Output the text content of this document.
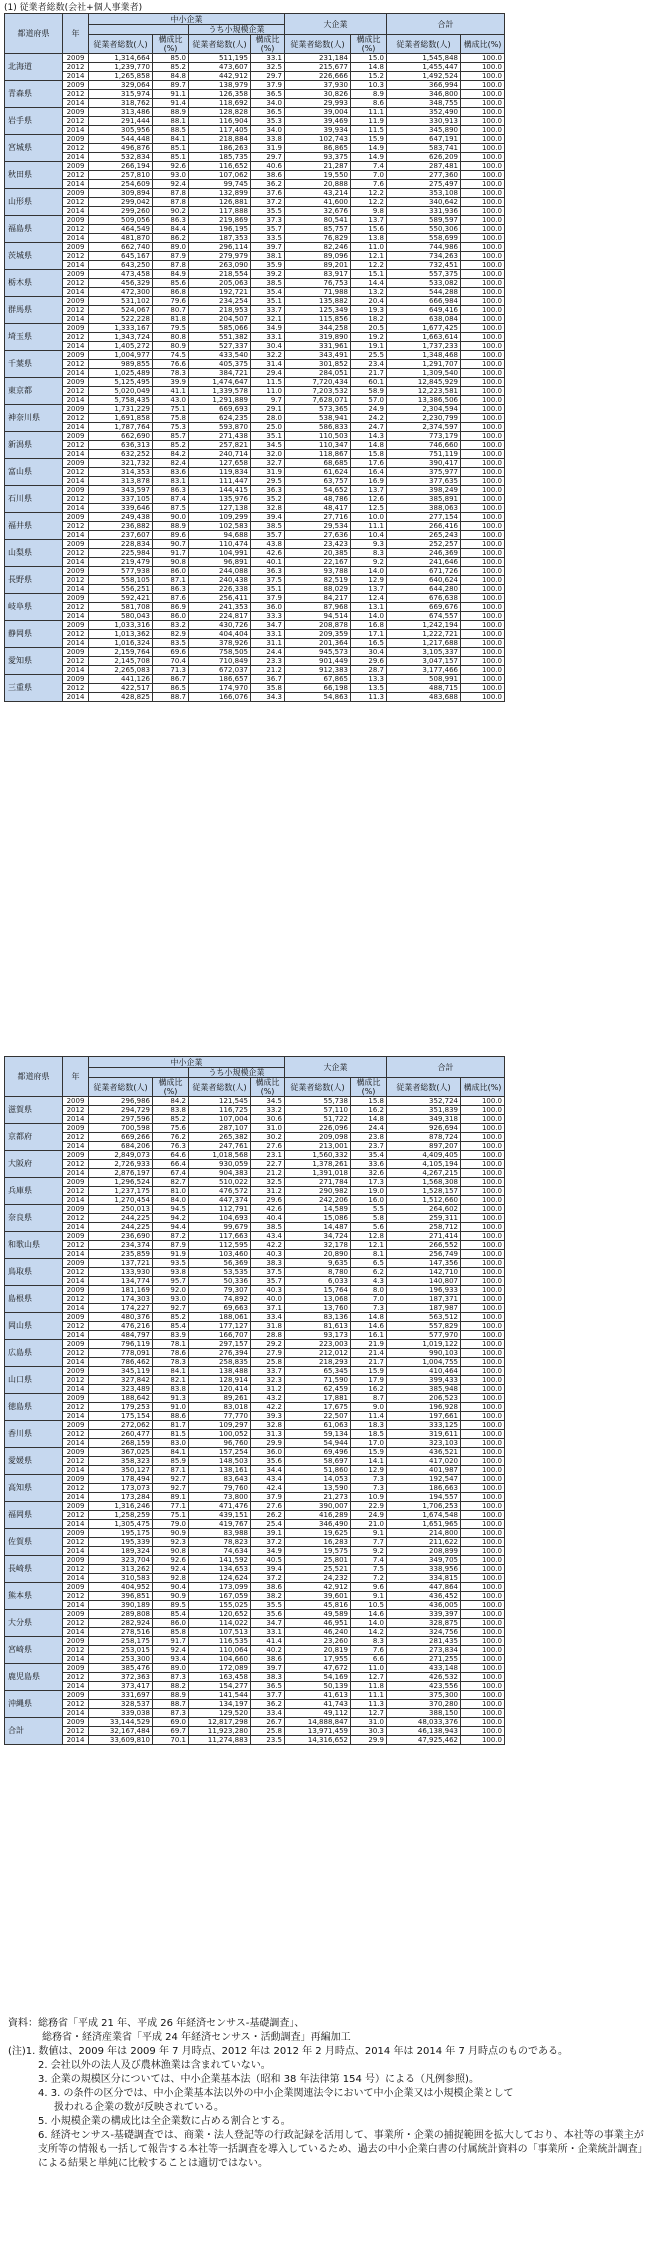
(1) 従業者総数(会社+個人事業者)
都道府県	年	中小企業				大企業		合計	
				うち小規模企業					
		従業者総数(人)	構成比(%)	従業者総数(人)	構成比(%)	従業者総数(人)	構成比(%)	従業者総数(人)	構成比(%)
北海道	2009	1,314,664	85.0	511,195	33.1	231,184	15.0	1,545,848	100.0
	2012	1,239,770	85.2	473,607	32.5	215,677	14.8	1,455,447	100.0
	2014	1,265,858	84.8	442,912	29.7	226,666	15.2	1,492,524	100.0
青森県	2009	329,064	89.7	138,979	37.9	37,930	10.3	366,994	100.0
	2012	315,974	91.1	126,358	36.5	30,826	8.9	346,800	100.0
	2014	318,762	91.4	118,692	34.0	29,993	8.6	348,755	100.0
岩手県	2009	313,486	88.9	128,828	36.5	39,004	11.1	352,490	100.0
	2012	291,444	88.1	116,904	35.3	39,469	11.9	330,913	100.0
	2014	305,956	88.5	117,405	34.0	39,934	11.5	345,890	100.0
宮城県	2009	544,448	84.1	218,884	33.8	102,743	15.9	647,191	100.0
	2012	496,876	85.1	186,263	31.9	86,865	14.9	583,741	100.0
	2014	532,834	85.1	185,735	29.7	93,375	14.9	626,209	100.0
秋田県	2009	266,194	92.6	116,652	40.6	21,287	7.4	287,481	100.0
	2012	257,810	93.0	107,062	38.6	19,550	7.0	277,360	100.0
	2014	254,609	92.4	99,745	36.2	20,888	7.6	275,497	100.0
山形県	2009	309,894	87.8	132,899	37.6	43,214	12.2	353,108	100.0
	2012	299,042	87.8	126,881	37.2	41,600	12.2	340,642	100.0
	2014	299,260	90.2	117,888	35.5	32,676	9.8	331,936	100.0
福島県	2009	509,056	86.3	219,869	37.3	80,541	13.7	589,597	100.0
	2012	464,549	84.4	196,195	35.7	85,757	15.6	550,306	100.0
	2014	481,870	86.2	187,353	33.5	76,829	13.8	558,699	100.0
茨城県	2009	662,740	89.0	296,114	39.7	82,246	11.0	744,986	100.0
	2012	645,167	87.9	279,979	38.1	89,096	12.1	734,263	100.0
	2014	643,250	87.8	263,090	35.9	89,201	12.2	732,451	100.0
栃木県	2009	473,458	84.9	218,554	39.2	83,917	15.1	557,375	100.0
	2012	456,329	85.6	205,063	38.5	76,753	14.4	533,082	100.0
	2014	472,300	86.8	192,721	35.4	71,988	13.2	544,288	100.0
群馬県	2009	531,102	79.6	234,254	35.1	135,882	20.4	666,984	100.0
	2012	524,067	80.7	218,953	33.7	125,349	19.3	649,416	100.0
	2014	522,228	81.8	204,507	32.1	115,856	18.2	638,084	100.0
埼玉県	2009	1,333,167	79.5	585,066	34.9	344,258	20.5	1,677,425	100.0
	2012	1,343,724	80.8	551,382	33.1	319,890	19.2	1,663,614	100.0
	2014	1,405,272	80.9	527,337	30.4	331,961	19.1	1,737,233	100.0
千葉県	2009	1,004,977	74.5	433,540	32.2	343,491	25.5	1,348,468	100.0
	2012	989,855	76.6	405,375	31.4	301,852	23.4	1,291,707	100.0
	2014	1,025,489	78.3	384,721	29.4	284,051	21.7	1,309,540	100.0
東京都	2009	5,125,495	39.9	1,474,647	11.5	7,720,434	60.1	12,845,929	100.0
	2012	5,020,049	41.1	1,339,578	11.0	7,203,532	58.9	12,223,581	100.0
	2014	5,758,435	43.0	1,291,889	9.7	7,628,071	57.0	13,386,506	100.0
神奈川県	2009	1,731,229	75.1	669,693	29.1	573,365	24.9	2,304,594	100.0
	2012	1,691,858	75.8	624,235	28.0	538,941	24.2	2,230,799	100.0
	2014	1,787,764	75.3	593,870	25.0	586,833	24.7	2,374,597	100.0
新潟県	2009	662,690	85.7	271,438	35.1	110,503	14.3	773,179	100.0
	2012	636,313	85.2	257,821	34.5	110,347	14.8	746,660	100.0
	2014	632,252	84.2	240,714	32.0	118,867	15.8	751,119	100.0
富山県	2009	321,732	82.4	127,658	32.7	68,685	17.6	390,417	100.0
	2012	314,353	83.6	119,834	31.9	61,624	16.4	375,977	100.0
	2014	313,878	83.1	111,447	29.5	63,757	16.9	377,635	100.0
石川県	2009	343,597	86.3	144,415	36.3	54,652	13.7	398,249	100.0
	2012	337,105	87.4	135,976	35.2	48,786	12.6	385,891	100.0
	2014	339,646	87.5	127,138	32.8	48,417	12.5	388,063	100.0
福井県	2009	249,438	90.0	109,299	39.4	27,716	10.0	277,154	100.0
	2012	236,882	88.9	102,583	38.5	29,534	11.1	266,416	100.0
	2014	237,607	89.6	94,688	35.7	27,636	10.4	265,243	100.0
山梨県	2009	228,834	90.7	110,474	43.8	23,423	9.3	252,257	100.0
	2012	225,984	91.7	104,991	42.6	20,385	8.3	246,369	100.0
	2014	219,479	90.8	96,891	40.1	22,167	9.2	241,646	100.0
長野県	2009	577,938	86.0	244,088	36.3	93,788	14.0	671,726	100.0
	2012	558,105	87.1	240,438	37.5	82,519	12.9	640,624	100.0
	2014	556,251	86.3	226,338	35.1	88,029	13.7	644,280	100.0
岐阜県	2009	592,421	87.6	256,411	37.9	84,217	12.4	676,638	100.0
	2012	581,708	86.9	241,353	36.0	87,968	13.1	669,676	100.0
	2014	580,043	86.0	224,817	33.3	94,514	14.0	674,557	100.0
静岡県	2009	1,033,316	83.2	430,726	34.7	208,878	16.8	1,242,194	100.0
	2012	1,013,362	82.9	404,404	33.1	209,359	17.1	1,222,721	100.0
	2014	1,016,324	83.5	378,926	31.1	201,364	16.5	1,217,688	100.0
愛知県	2009	2,159,764	69.6	758,505	24.4	945,573	30.4	3,105,337	100.0
	2012	2,145,708	70.4	710,849	23.3	901,449	29.6	3,047,157	100.0
	2014	2,265,083	71.3	672,037	21.2	912,383	28.7	3,177,466	100.0
三重県	2009	441,126	86.7	186,657	36.7	67,865	13.3	508,991	100.0
	2012	422,517	86.5	174,970	35.8	66,198	13.5	488,715	100.0
	2014	428,825	88.7	166,076	34.3	54,863	11.3	483,688	100.0
都道府県	年	中小企業				大企業		合計	
				うち小規模企業					
		従業者総数(人)	構成比(%)	従業者総数(人)	構成比(%)	従業者総数(人)	構成比(%)	従業者総数(人)	構成比(%)
滋賀県	2009	296,986	84.2	121,545	34.5	55,738	15.8	352,724	100.0
	2012	294,729	83.8	116,725	33.2	57,110	16.2	351,839	100.0
	2014	297,596	85.2	107,004	30.6	51,722	14.8	349,318	100.0
京都府	2009	700,598	75.6	287,107	31.0	226,096	24.4	926,694	100.0
	2012	669,266	76.2	265,382	30.2	209,098	23.8	878,724	100.0
	2014	684,206	76.3	247,761	27.6	213,001	23.7	897,207	100.0
大阪府	2009	2,849,073	64.6	1,018,568	23.1	1,560,332	35.4	4,409,405	100.0
	2012	2,726,933	66.4	930,059	22.7	1,378,261	33.6	4,105,194	100.0
	2014	2,876,197	67.4	904,383	21.2	1,391,018	32.6	4,267,215	100.0
兵庫県	2009	1,296,524	82.7	510,022	32.5	271,784	17.3	1,568,308	100.0
	2012	1,237,175	81.0	476,572	31.2	290,982	19.0	1,528,157	100.0
	2014	1,270,454	84.0	447,374	29.6	242,206	16.0	1,512,660	100.0
奈良県	2009	250,013	94.5	112,791	42.6	14,589	5.5	264,602	100.0
	2012	244,225	94.2	104,693	40.4	15,086	5.8	259,311	100.0
	2014	244,225	94.4	99,679	38.5	14,487	5.6	258,712	100.0
和歌山県	2009	236,690	87.2	117,663	43.4	34,724	12.8	271,414	100.0
	2012	234,374	87.9	112,595	42.2	32,178	12.1	266,552	100.0
	2014	235,859	91.9	103,460	40.3	20,890	8.1	256,749	100.0
鳥取県	2009	137,721	93.5	56,369	38.3	9,635	6.5	147,356	100.0
	2012	133,930	93.8	53,535	37.5	8,780	6.2	142,710	100.0
	2014	134,774	95.7	50,336	35.7	6,033	4.3	140,807	100.0
島根県	2009	181,169	92.0	79,307	40.3	15,764	8.0	196,933	100.0
	2012	174,303	93.0	74,892	40.0	13,068	7.0	187,371	100.0
	2014	174,227	92.7	69,663	37.1	13,760	7.3	187,987	100.0
岡山県	2009	480,376	85.2	188,061	33.4	83,136	14.8	563,512	100.0
	2012	476,216	85.4	177,127	31.8	81,613	14.6	557,829	100.0
	2014	484,797	83.9	166,707	28.8	93,173	16.1	577,970	100.0
広島県	2009	796,119	78.1	297,157	29.2	223,003	21.9	1,019,122	100.0
	2012	778,091	78.6	276,394	27.9	212,012	21.4	990,103	100.0
	2014	786,462	78.3	258,835	25.8	218,293	21.7	1,004,755	100.0
山口県	2009	345,119	84.1	138,488	33.7	65,345	15.9	410,464	100.0
	2012	327,842	82.1	128,914	32.3	71,590	17.9	399,433	100.0
	2014	323,489	83.8	120,414	31.2	62,459	16.2	385,948	100.0
徳島県	2009	188,642	91.3	89,261	43.2	17,881	8.7	206,523	100.0
	2012	179,253	91.0	83,018	42.2	17,675	9.0	196,928	100.0
	2014	175,154	88.6	77,770	39.3	22,507	11.4	197,661	100.0
香川県	2009	272,062	81.7	109,297	32.8	61,063	18.3	333,125	100.0
	2012	260,477	81.5	100,052	31.3	59,134	18.5	319,611	100.0
	2014	268,159	83.0	96,760	29.9	54,944	17.0	323,103	100.0
愛媛県	2009	367,025	84.1	157,254	36.0	69,496	15.9	436,521	100.0
	2012	358,323	85.9	148,503	35.6	58,697	14.1	417,020	100.0
	2014	350,127	87.1	138,161	34.4	51,860	12.9	401,987	100.0
高知県	2009	178,494	92.7	83,643	43.4	14,053	7.3	192,547	100.0
	2012	173,073	92.7	79,760	42.4	13,590	7.3	186,663	100.0
	2014	173,284	89.1	73,800	37.9	21,273	10.9	194,557	100.0
福岡県	2009	1,316,246	77.1	471,476	27.6	390,007	22.9	1,706,253	100.0
	2012	1,258,259	75.1	439,151	26.2	416,289	24.9	1,674,548	100.0
	2014	1,305,475	79.0	419,767	25.4	346,490	21.0	1,651,965	100.0
佐賀県	2009	195,175	90.9	83,988	39.1	19,625	9.1	214,800	100.0
	2012	195,339	92.3	78,823	37.2	16,283	7.7	211,622	100.0
	2014	189,324	90.8	74,634	34.9	19,575	9.2	208,899	100.0
長崎県	2009	323,704	92.6	141,592	40.5	25,801	7.4	349,705	100.0
	2012	313,262	92.4	134,653	39.4	25,521	7.5	338,956	100.0
	2014	310,583	92.8	124,624	37.2	24,232	7.2	334,815	100.0
熊本県	2009	404,952	90.4	173,099	38.6	42,912	9.6	447,864	100.0
	2012	396,851	90.9	167,059	38.2	39,601	9.1	436,452	100.0
	2014	390,189	89.5	155,025	35.5	45,816	10.5	436,005	100.0
大分県	2009	289,808	85.4	120,652	35.6	49,589	14.6	339,397	100.0
	2012	282,924	86.0	114,022	34.7	46,951	14.0	328,875	100.0
	2014	278,516	85.8	107,513	33.1	46,240	14.2	324,756	100.0
宮崎県	2009	258,175	91.7	116,535	41.4	23,260	8.3	281,435	100.0
	2012	253,015	92.4	110,064	40.2	20,819	7.6	273,834	100.0
	2014	253,300	93.4	104,660	38.6	17,955	6.6	271,255	100.0
鹿児島県	2009	385,476	89.0	172,089	39.7	47,672	11.0	433,148	100.0
	2012	372,363	87.3	163,458	38.3	54,169	12.7	426,532	100.0
	2014	373,417	88.2	154,277	36.5	50,139	11.8	423,556	100.0
沖縄県	2009	331,697	88.9	141,544	37.7	41,613	11.1	375,300	100.0
	2012	328,537	88.7	134,197	36.2	41,743	11.3	370,280	100.0
	2014	339,038	87.3	129,520	33.4	49,112	12.7	388,150	100.0
合計	2009	33,144,529	69.0	12,817,298	26.7	14,888,847	31.0	48,033,376	100.0
	2012	32,167,484	69.7	11,923,280	25.8	13,971,459	30.3	46,138,943	100.0
	2014	33,609,810	70.1	11,274,883	23.5	14,316,652	29.9	47,925,462	100.0
資料：総務省「平成 21 年、平成 26 年経済センサス-基礎調査」、
総務省・経済産業省「平成 24 年経済センサス・活動調査」再編加工
(注)1. 数値は、2009 年は 2009 年 7 月時点、2012 年は 2012 年 2 月時点、2014 年は 2014 年 7 月時点のものである。
2. 会社以外の法人及び農林漁業は含まれていない。
3. 企業の規模区分については、中小企業基本法（昭和 38 年法律第 154 号）による（凡例参照)。
4. 3. の条件の区分では、中小企業基本法以外の中小企業関連法令において中小企業又は小規模企業として
扱われる企業の数が反映されている。
5. 小規模企業の構成比は全企業数に占める割合とする。
6. 経済センサス-基礎調査では、商業・法人登記等の行政記録を活用して、事業所・企業の捕捉範囲を拡大しており、本社等の事業主が支所等の情報も一括して報告する本社等一括調査を導入しているため、過去の中小企業白書の付属統計資料の「事業所・企業統計調査」による結果と単純に比較することは適切ではない。
